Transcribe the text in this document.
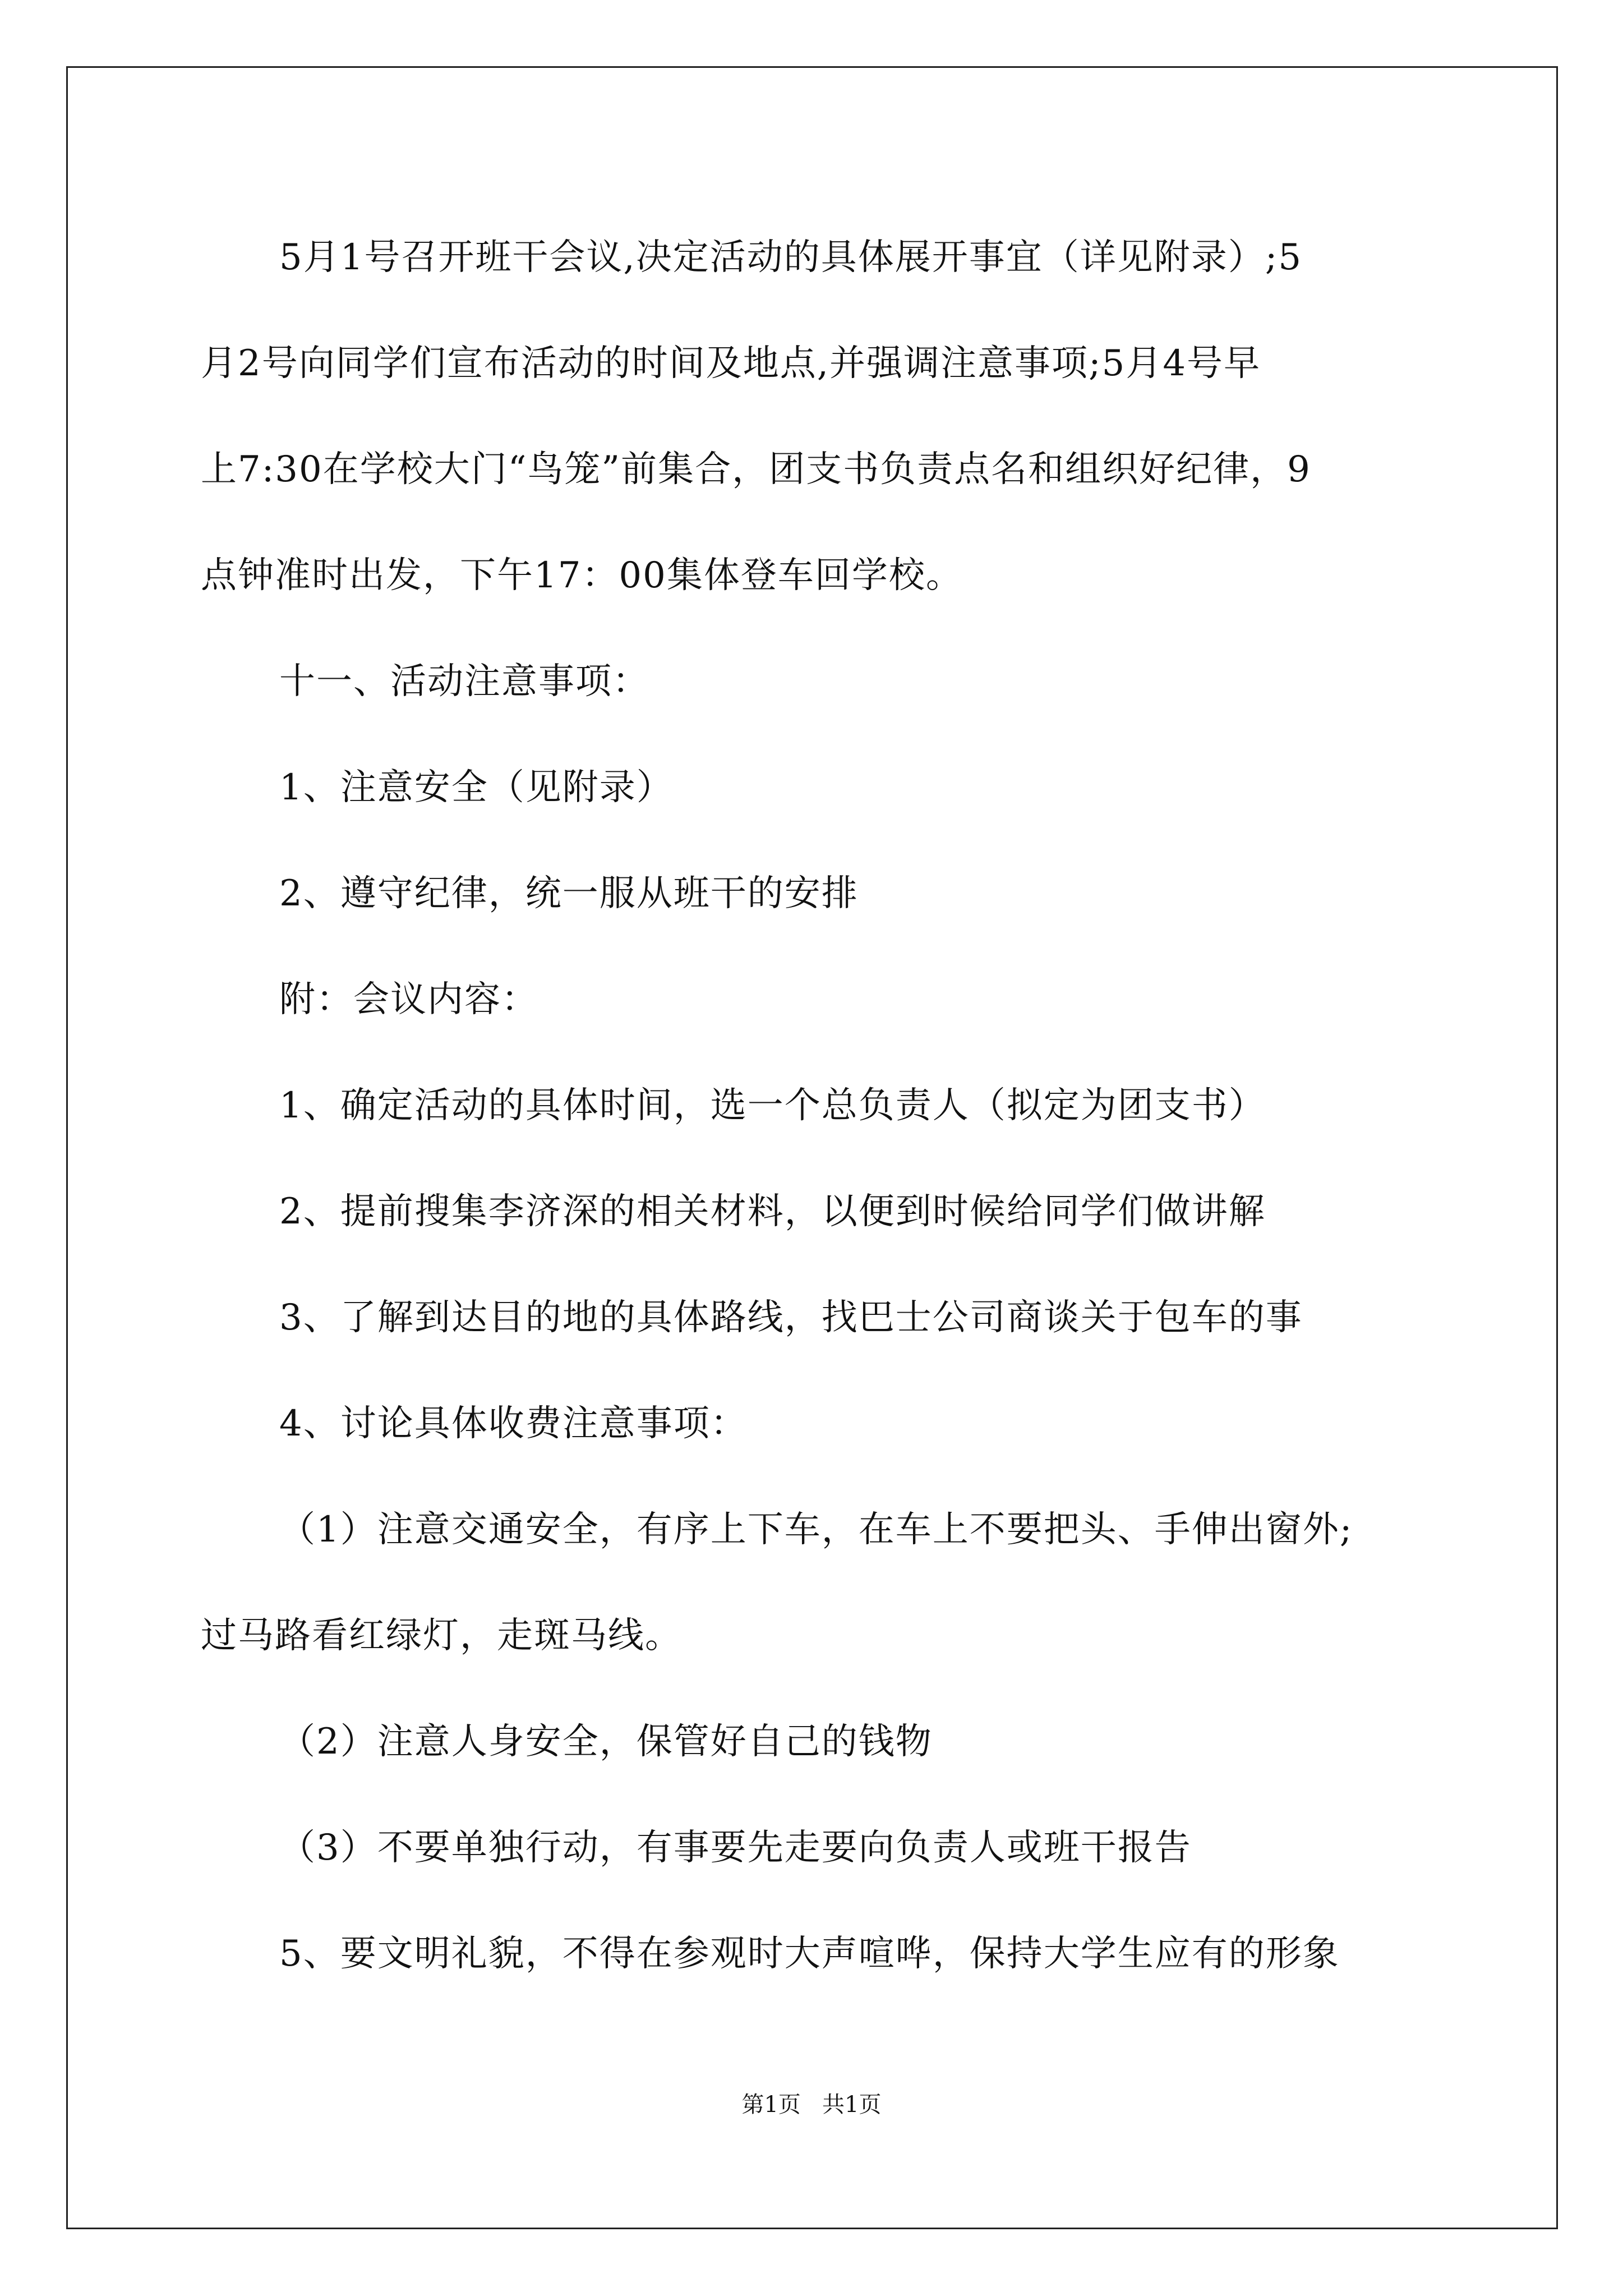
5月1号召开班干会议,决定活动的具体展开事宜（详见附录）;5

月2号向同学们宣布活动的时间及地点,并强调注意事项;5月4号早

上7:30在学校大门“鸟笼”前集合，团支书负责点名和组织好纪律，9

点钟准时出发，下午17：00集体登车回学校。

十一、活动注意事项：

1、注意安全（见附录）

2、遵守纪律，统一服从班干的安排

附：会议内容：

1、确定活动的具体时间，选一个总负责人（拟定为团支书）

2、提前搜集李济深的相关材料，以便到时候给同学们做讲解

3、了解到达目的地的具体路线，找巴士公司商谈关于包车的事

4、讨论具体收费注意事项：

（1）注意交通安全，有序上下车，在车上不要把头、手伸出窗外;

过马路看红绿灯，走斑马线。

（2）注意人身安全，保管好自己的钱物

（3）不要单独行动，有事要先走要向负责人或班干报告

5、要文明礼貌，不得在参观时大声喧哗，保持大学生应有的形象

第1页   共1页
